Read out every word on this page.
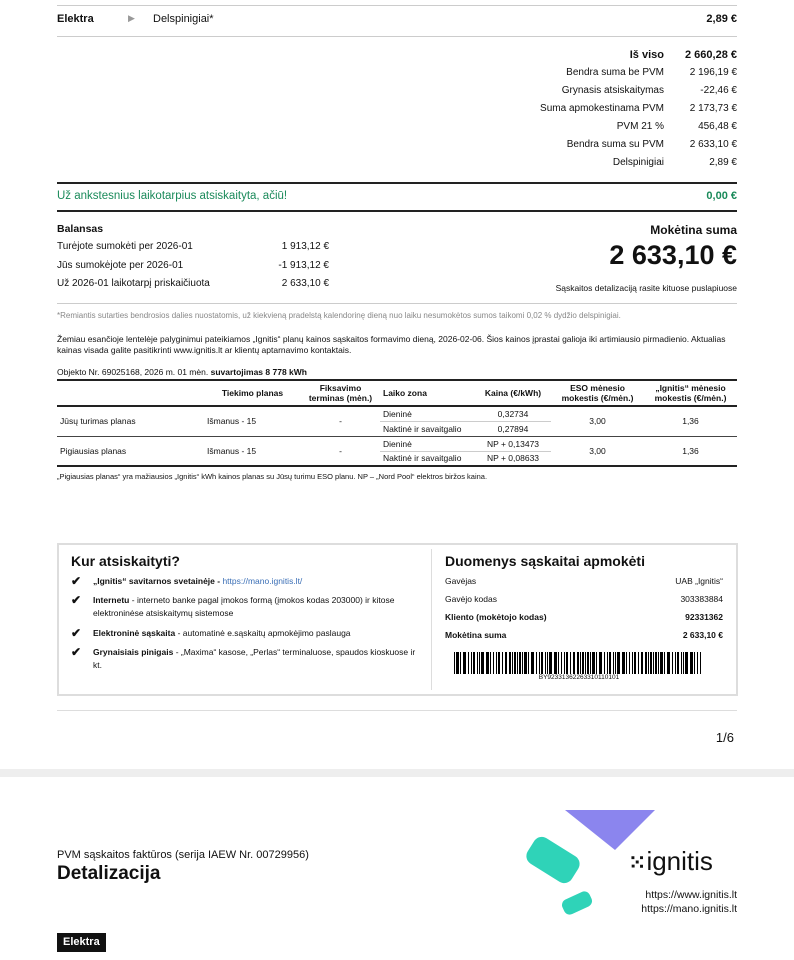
Elektra	▶ Delspinigiai*	2,89 €
Iš viso 2 660,28 €
Bendra suma be PVM	2 196,19 €
Grynasis atsiskaitymas	-22,46 €
Suma apmokestinama PVM	2 173,73 €
PVM 21 %	456,48 €
Bendra suma su PVM	2 633,10 €
Delspinigiai	2,89 €
Už ankstesnius laikotarpius atsiskaityta, ačiū!	0,00 €
Balansas
Turėjote sumokėti per 2026-01	1 913,12 €
Jūs sumokėjote per 2026-01	-1 913,12 €
Už 2026-01 laikotarpį priskaičiuota	2 633,10 €
Mokėtina suma
2 633,10 €
Sąskaitos detalizaciją rasite kituose puslapiuose
*Remiantis sutarties bendrosios dalies nuostatomis, už kiekvieną pradelstą kalendorinę dieną nuo laiku nesumokėtos sumos taikomi 0,02 % dydžio delspinigiai.
Žemiau esančioje lentelėje palyginimui pateikiamos „Ignitis“ planų kainos sąskaitos formavimo dieną, 2026-02-06. Šios kainos įprastai galioja iki artimiausio pirmadienio. Aktualias kainas visada galite pasitikrinti www.ignitis.lt ar klientų aptarnavimo kontaktais.
Objekto Nr. 69025168, 2026 m. 01 mėn. suvartojimas 8 778 kWh
	Tiekimo planas	Fiksavimo terminas (mėn.)	Laiko zona	Kaina (€/kWh)	ESO mėnesio mokestis (€/mėn.)	„Ignitis“ mėnesio mokestis (€/mėn.)
Jūsų turimas planas	Išmanus - 15	-	Dieninė	0,32734	3,00	1,36
			Naktinė ir savaitgalio	0,27894		
Pigiausias planas	Išmanus - 15	-	Dieninė	NP + 0,13473	3,00	1,36
			Naktinė ir savaitgalio	NP + 0,08633		
„Pigiausias planas“ yra mažiausios „Ignitis“ kWh kainos planas su Jūsų turimu ESO planu. NP – „Nord Pool“ elektros biržos kaina.
Kur atsiskaityti?
✔ „Ignitis“ savitarnos svetainėje - https://mano.ignitis.lt/
✔ Internetu - interneto banke pagal įmokos formą (įmokos kodas 203000) ir kitose elektroninėse atsiskaitymų sistemose
✔ Elektroninė sąskaita - automatinė e.sąskaitų apmokėjimo paslauga
✔ Grynaisiais pinigais - „Maxima“ kasose, „Perlas“ terminaluose, spaudos kioskuose ir kt.
Duomenys sąskaitai apmokėti
Gavėjas	UAB „Ignitis“
Gavėjo kodas	303383884
Kliento (mokėtojo kodas)	92331362
Mokėtina suma	2 633,10 €
BY92331362263310110101
1/6
PVM sąskaitos faktūros (serija IAEW Nr. 00729956)
Detalizacija	⁙ignitis
https://www.ignitis.lt
https://mano.ignitis.lt
Elektra
